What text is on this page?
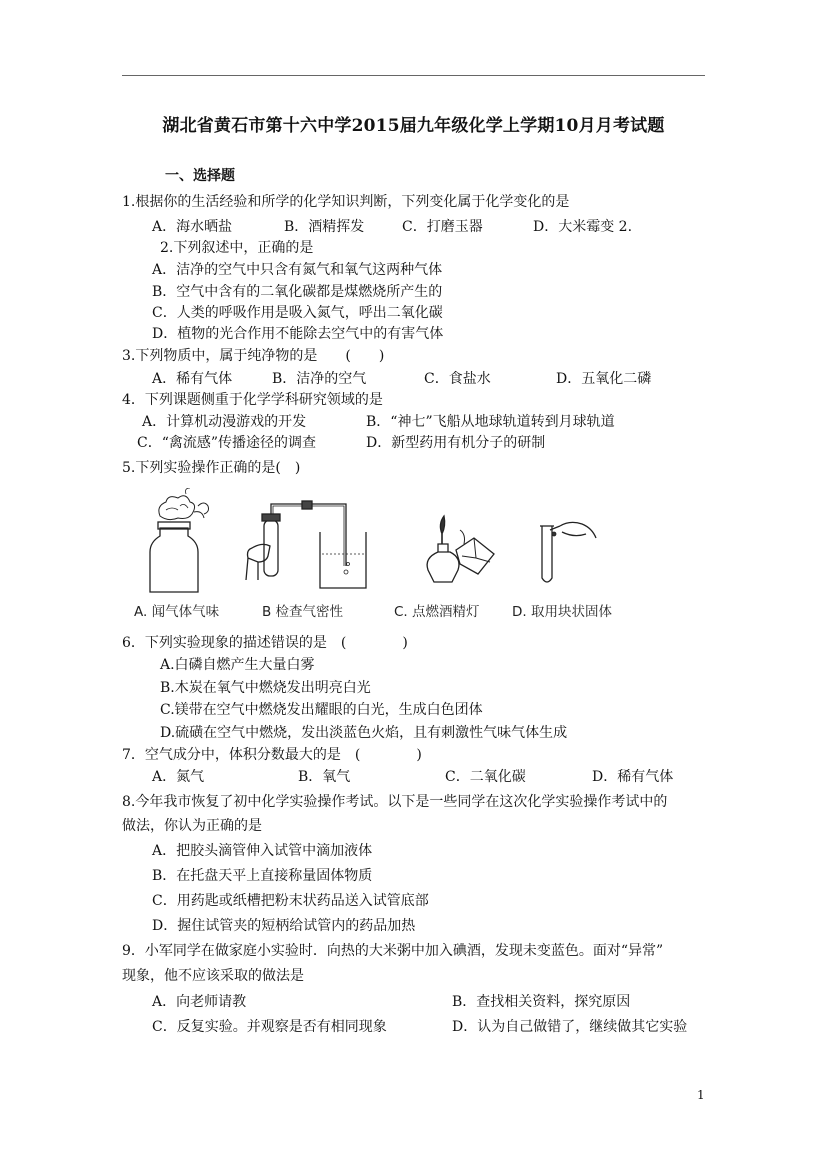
湖北省黄石市第十六中学2015届九年级化学上学期10月月考试题
一、选择题
1.根据你的生活经验和所学的化学知识判断，下列变化属于化学变化的是
A．海水晒盐	B．酒精挥发	C．打磨玉器	D．大米霉变 2.
2.下列叙述中，正确的是
A．洁净的空气中只含有氮气和氧气这两种气体
B．空气中含有的二氧化碳都是煤燃烧所产生的
C．人类的呼吸作用是吸入氮气，呼出二氧化碳
D．植物的光合作用不能除去空气中的有害气体
3.下列物质中，属于纯净物的是　　(　　)
A．稀有气体	B．洁净的空气	C．食盐水	D．五氧化二磷
4．下列课题侧重于化学学科研究领域的是
A．计算机动漫游戏的开发	B．“神七”飞船从地球轨道转到月球轨道
C．“禽流感”传播途径的调查	D．新型药用有机分子的研制
5.下列实验操作正确的是(　)
A. 闻气体气味	B 检查气密性	C. 点燃酒精灯 D. 取用块状固体
6．下列实验现象的描述错误的是　(　　　　)
A.白磷自燃产生大量白雾
B.木炭在氧气中燃烧发出明亮白光
C.镁带在空气中燃烧发出耀眼的白光，生成白色团体
D.硫磺在空气中燃烧，发出淡蓝色火焰，且有刺激性气味气体生成
7．空气成分中，体积分数最大的是　(　　　　)
A．氮气	B．氧气	C．二氧化碳	D．稀有气体
8.今年我市恢复了初中化学实验操作考试。以下是一些同学在这次化学实验操作考试中的
做法，你认为正确的是
A．把胶头滴管伸入试管中滴加液体
B．在托盘天平上直接称量固体物质
C．用药匙或纸槽把粉末状药品送入试管底部
D．握住试管夹的短柄给试管内的药品加热
9．小军同学在做家庭小实验时．向热的大米粥中加入碘酒，发现未变蓝色。面对“异常”
现象，他不应该采取的做法是
A．向老师请教	B．查找相关资料，探究原因
C．反复实验。并观察是否有相同现象	D．认为自己做错了，继续做其它实验
1
